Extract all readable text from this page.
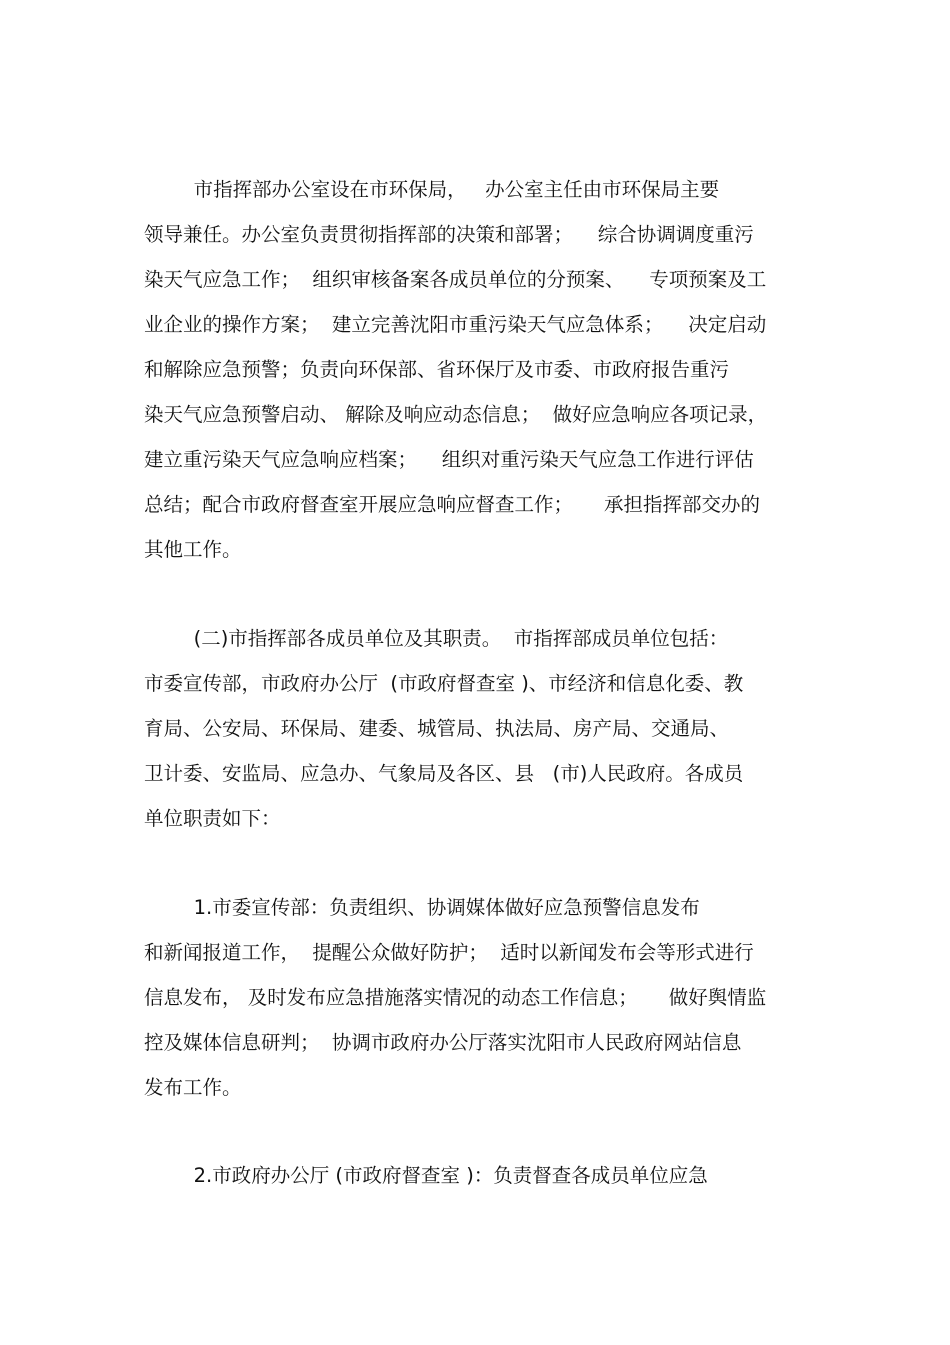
市指挥部办公室设在市环保局，   办公室主任由市环保局主要
领导兼任。办公室负责贯彻指挥部的决策和部署；    综合协调调度重污
染天气应急工作；  组织审核备案各成员单位的分预案、    专项预案及工
业企业的操作方案；  建立完善沈阳市重污染天气应急体系；    决定启动
和解除应急预警；负责向环保部、省环保厅及市委、市政府报告重污
染天气应急预警启动、 解除及响应动态信息；  做好应急响应各项记录，
建立重污染天气应急响应档案；    组织对重污染天气应急工作进行评估
总结；配合市政府督查室开展应急响应督查工作；     承担指挥部交办的
其他工作。
(二)市指挥部各成员单位及其职责。  市指挥部成员单位包括：
市委宣传部，市政府办公厅  (市政府督查室 )、市经济和信息化委、教
育局、公安局、环保局、建委、城管局、执法局、房产局、交通局、
卫计委、安监局、应急办、气象局及各区、县   (市)人民政府。各成员
单位职责如下：
1.市委宣传部：负责组织、协调媒体做好应急预警信息发布
和新闻报道工作，  提醒公众做好防护；  适时以新闻发布会等形式进行
信息发布， 及时发布应急措施落实情况的动态工作信息；     做好舆情监
控及媒体信息研判；  协调市政府办公厅落实沈阳市人民政府网站信息
发布工作。
2.市政府办公厅 (市政府督查室 )：负责督查各成员单位应急
